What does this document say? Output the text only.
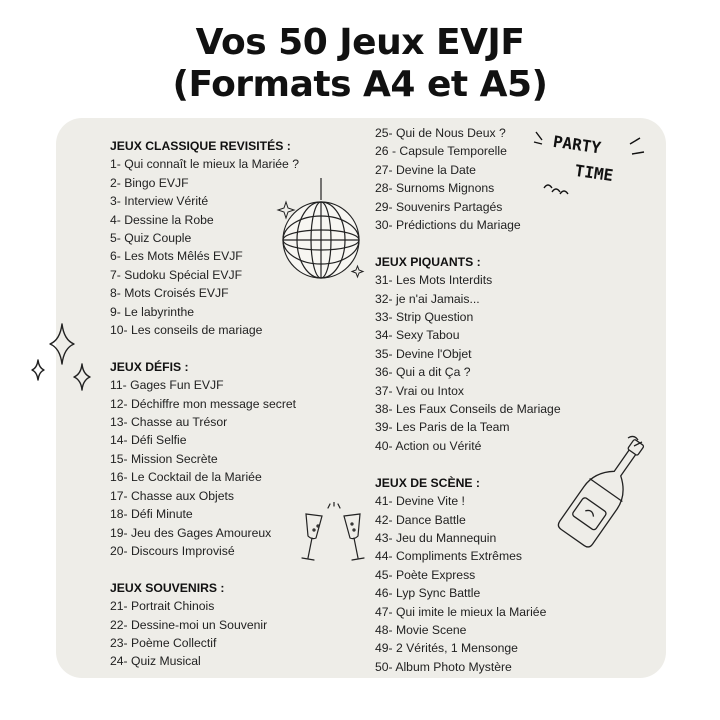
Vos 50 Jeux EVJF
(Formats A4 et A5)
JEUX CLASSIQUE REVISITÉS :
1- Qui connaît le mieux la Mariée ?
2- Bingo EVJF
3- Interview Vérité
4- Dessine la Robe
5- Quiz Couple
6- Les Mots Mêlés EVJF
7- Sudoku Spécial EVJF
8- Mots Croisés EVJF
9- Le labyrinthe
10- Les conseils de mariage
JEUX DÉFIS :
11- Gages Fun EVJF
12- Déchiffre mon message secret
13- Chasse au Trésor
14- Défi Selfie
15- Mission Secrète
16- Le Cocktail de la Mariée
17- Chasse aux Objets
18- Défi Minute
19- Jeu des Gages Amoureux
20- Discours Improvisé
JEUX SOUVENIRS :
21- Portrait Chinois
22- Dessine-moi un Souvenir
23- Poème Collectif
24- Quiz Musical
25- Qui de Nous Deux ?
26 - Capsule Temporelle
27- Devine la Date
28- Surnoms Mignons
29- Souvenirs Partagés
30- Prédictions du Mariage
JEUX PIQUANTS :
31- Les Mots Interdits
32- je n'ai Jamais...
33- Strip Question
34- Sexy Tabou
35- Devine l'Objet
36- Qui a dit Ça ?
37- Vrai ou Intox
38- Les Faux Conseils de Mariage
39- Les Paris de la Team
40- Action ou Vérité
JEUX DE SCÈNE :
41- Devine Vite !
42- Dance Battle
43- Jeu du Mannequin
44- Compliments Extrêmes
45- Poète Express
46- Lyp Sync Battle
47- Qui imite le mieux la Mariée
48- Movie Scene
49- 2 Vérités, 1 Mensonge
50- Album Photo Mystère
PARTY
TIME
